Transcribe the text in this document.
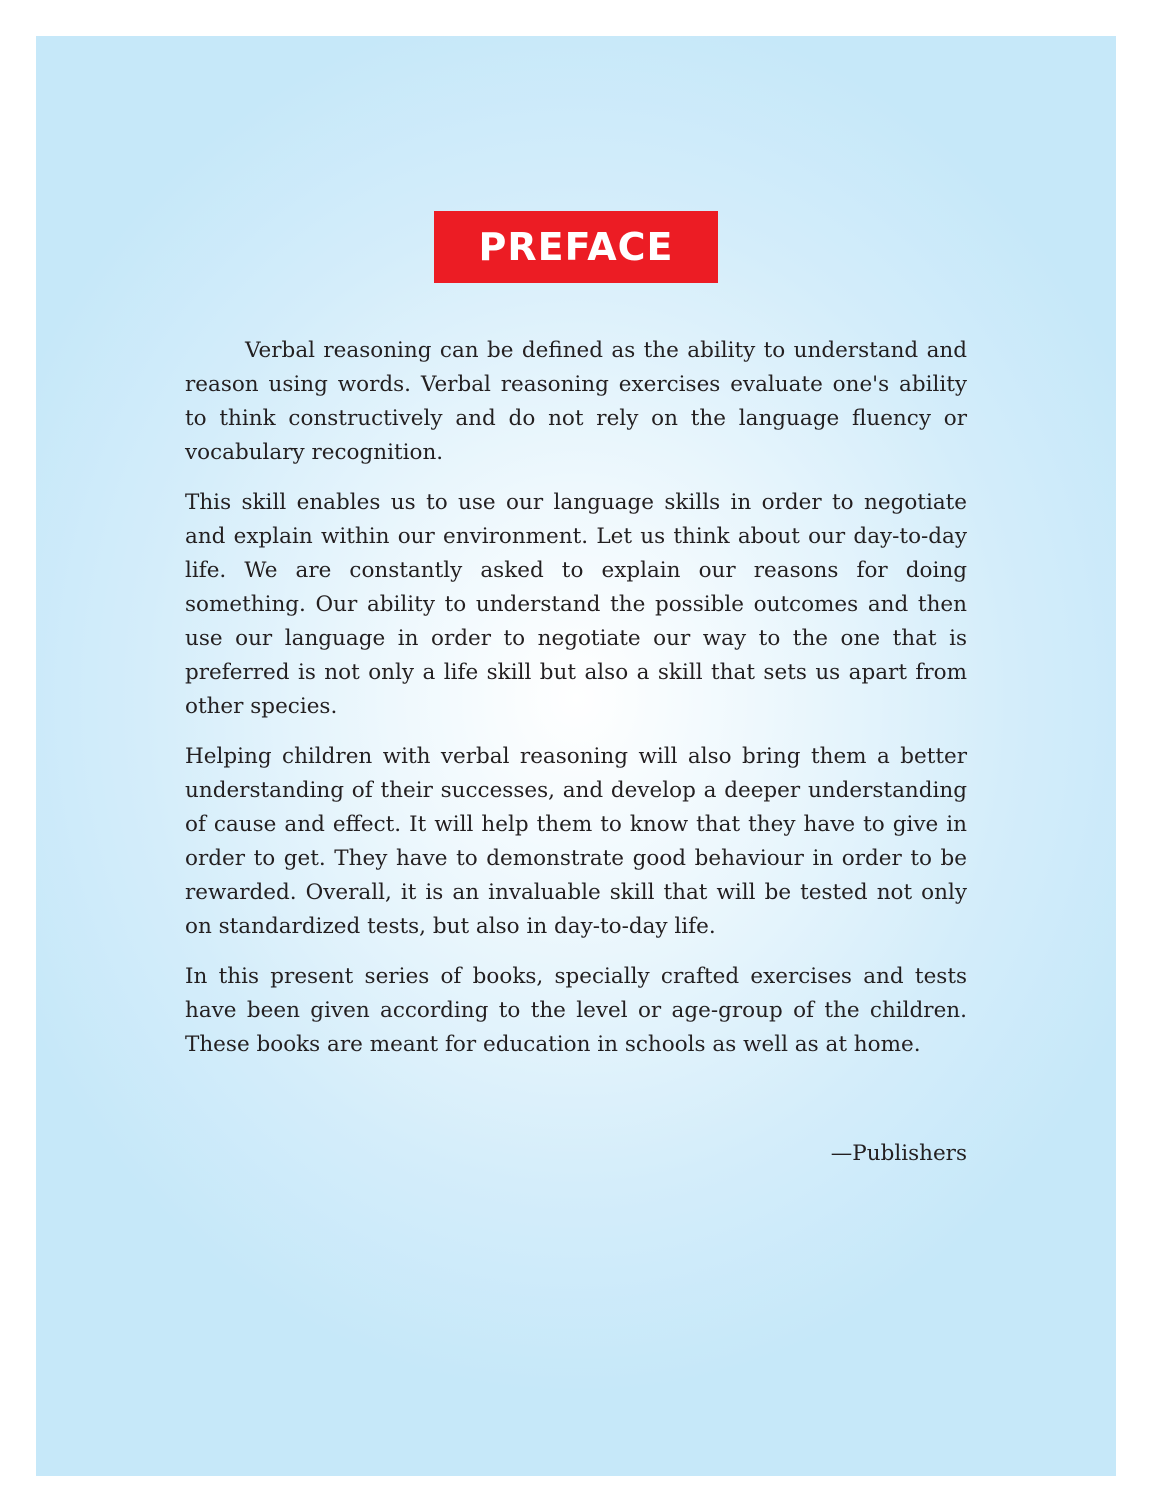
PREFACE

Verbal reasoning can be defined as the ability to understand and reason using words. Verbal reasoning exercises evaluate one's ability to think constructively and do not rely on the language fluency or vocabulary recognition.

This skill enables us to use our language skills in order to negotiate and explain within our environment. Let us think about our day-to-day life. We are constantly asked to explain our reasons for doing something. Our ability to understand the possible outcomes and then use our language in order to negotiate our way to the one that is preferred is not only a life skill but also a skill that sets us apart from other species.

Helping children with verbal reasoning will also bring them a better understanding of their successes, and develop a deeper understanding of cause and effect. It will help them to know that they have to give in order to get. They have to demonstrate good behaviour in order to be rewarded. Overall, it is an invaluable skill that will be tested not only on standardized tests, but also in day-to-day life.

In this present series of books, specially crafted exercises and tests have been given according to the level or age-group of the children. These books are meant for education in schools as well as at home.

—Publishers
